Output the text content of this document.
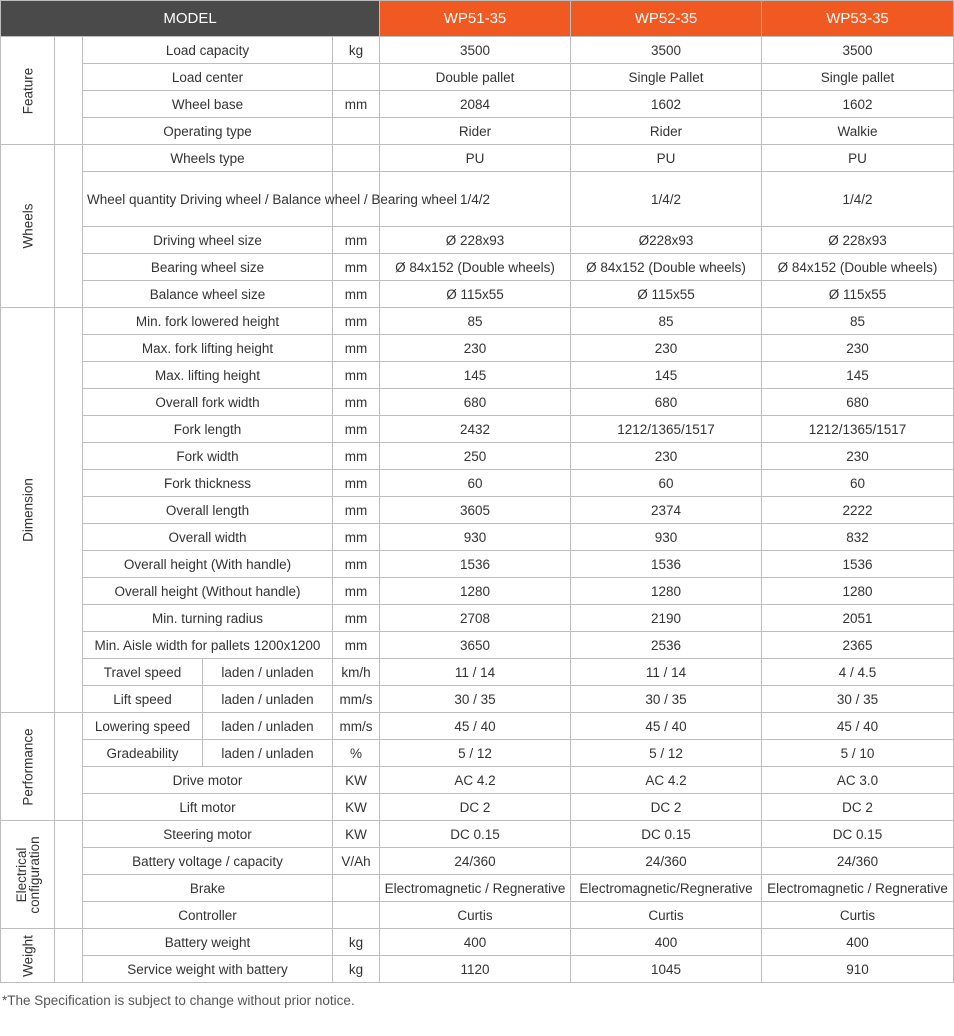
MODEL					WP51-35	WP52-35	WP53-35

Feature		Load capacity		kg	3500	3500	3500
		Load center			Double pallet	Single Pallet	Single pallet
		Wheel base		mm	2084	1602	1602
		Operating type			Rider	Rider	Walkie

Wheels		Wheels type			PU	PU	PU
		Wheel quantity Driving wheel / Balance wheel / Bearing wheel			1/4/2	1/4/2	1/4/2
		Driving wheel size		mm	Ø 228x93	Ø228x93	Ø 228x93
		Bearing wheel size		mm	Ø 84x152 (Double wheels)	Ø 84x152 (Double wheels)	Ø 84x152 (Double wheels)
		Balance wheel size		mm	Ø 115x55	Ø 115x55	Ø 115x55

Dimension		Min. fork lowered height		mm	85	85	85
		Max. fork lifting height		mm	230	230	230
		Max. lifting height		mm	145	145	145
		Overall fork width		mm	680	680	680
		Fork length		mm	2432	1212/1365/1517	1212/1365/1517
		Fork width		mm	250	230	230
		Fork thickness		mm	60	60	60
		Overall length		mm	3605	2374	2222
		Overall width		mm	930	930	832
		Overall height (With handle)		mm	1536	1536	1536
		Overall height (Without handle)		mm	1280	1280	1280
		Min. turning radius		mm	2708	2190	2051
		Min. Aisle width for pallets 1200x1200		mm	3650	2536	2365
		Travel speed	laden / unladen	km/h	11 / 14	11 / 14	4 / 4.5
		Lift speed	laden / unladen	mm/s	30 / 35	30 / 35	30 / 35

Performance		Lowering speed	laden / unladen	mm/s	45 / 40	45 / 40	45 / 40
		Gradeability	laden / unladen	%	5 / 12	5 / 12	5 / 10
		Drive motor		KW	AC 4.2	AC 4.2	AC 3.0
		Lift motor		KW	DC 2	DC 2	DC 2

Electrical
configuration		Steering motor		KW	DC 0.15	DC 0.15	DC 0.15
		Battery voltage / capacity		V/Ah	24/360	24/360	24/360
		Brake			Electromagnetic / Regnerative	Electromagnetic/Regnerative	Electromagnetic / Regnerative
		Controller			Curtis	Curtis	Curtis

Weight		Battery weight		kg	400	400	400
		Service weight with battery		kg	1120	1045	910
*The Specification is subject to change without prior notice.
